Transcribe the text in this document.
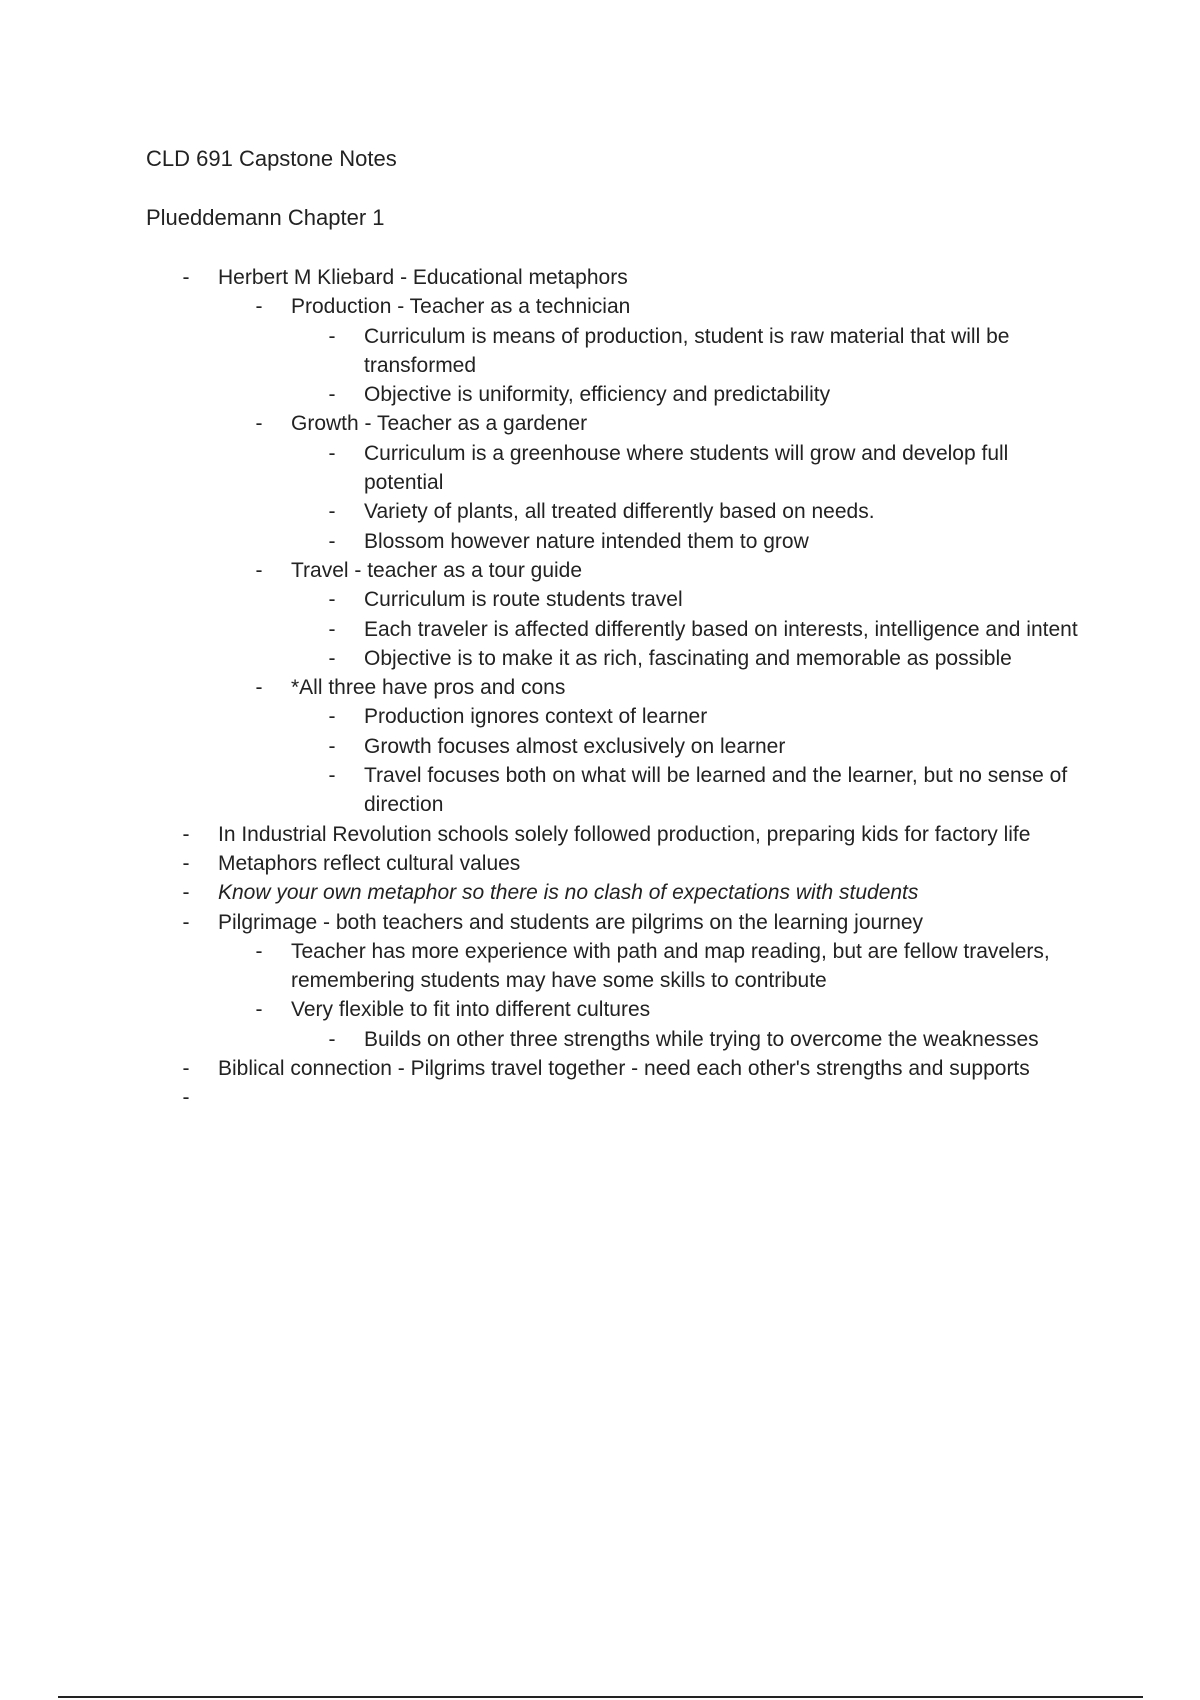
CLD 691 Capstone Notes
Plueddemann Chapter 1
- Herbert M Kliebard - Educational metaphors
- Production - Teacher as a technician
- Curriculum is means of production, student is raw material that will be transformed
- Objective is uniformity, efficiency and predictability
- Growth - Teacher as a gardener
- Curriculum is a greenhouse where students will grow and develop full potential
- Variety of plants, all treated differently based on needs.
- Blossom however nature intended them to grow
- Travel - teacher as a tour guide
- Curriculum is route students travel
- Each traveler is affected differently based on interests, intelligence and intent
- Objective is to make it as rich, fascinating and memorable as possible
- *All three have pros and cons
- Production ignores context of learner
- Growth focuses almost exclusively on learner
- Travel focuses both on what will be learned and the learner, but no sense of direction
- In Industrial Revolution schools solely followed production, preparing kids for factory life
- Metaphors reflect cultural values
- Know your own metaphor so there is no clash of expectations with students
- Pilgrimage - both teachers and students are pilgrims on the learning journey
- Teacher has more experience with path and map reading, but are fellow travelers, remembering students may have some skills to contribute
- Very flexible to fit into different cultures
- Builds on other three strengths while trying to overcome the weaknesses
- Biblical connection - Pilgrims travel together - need each other's strengths and supports
-
